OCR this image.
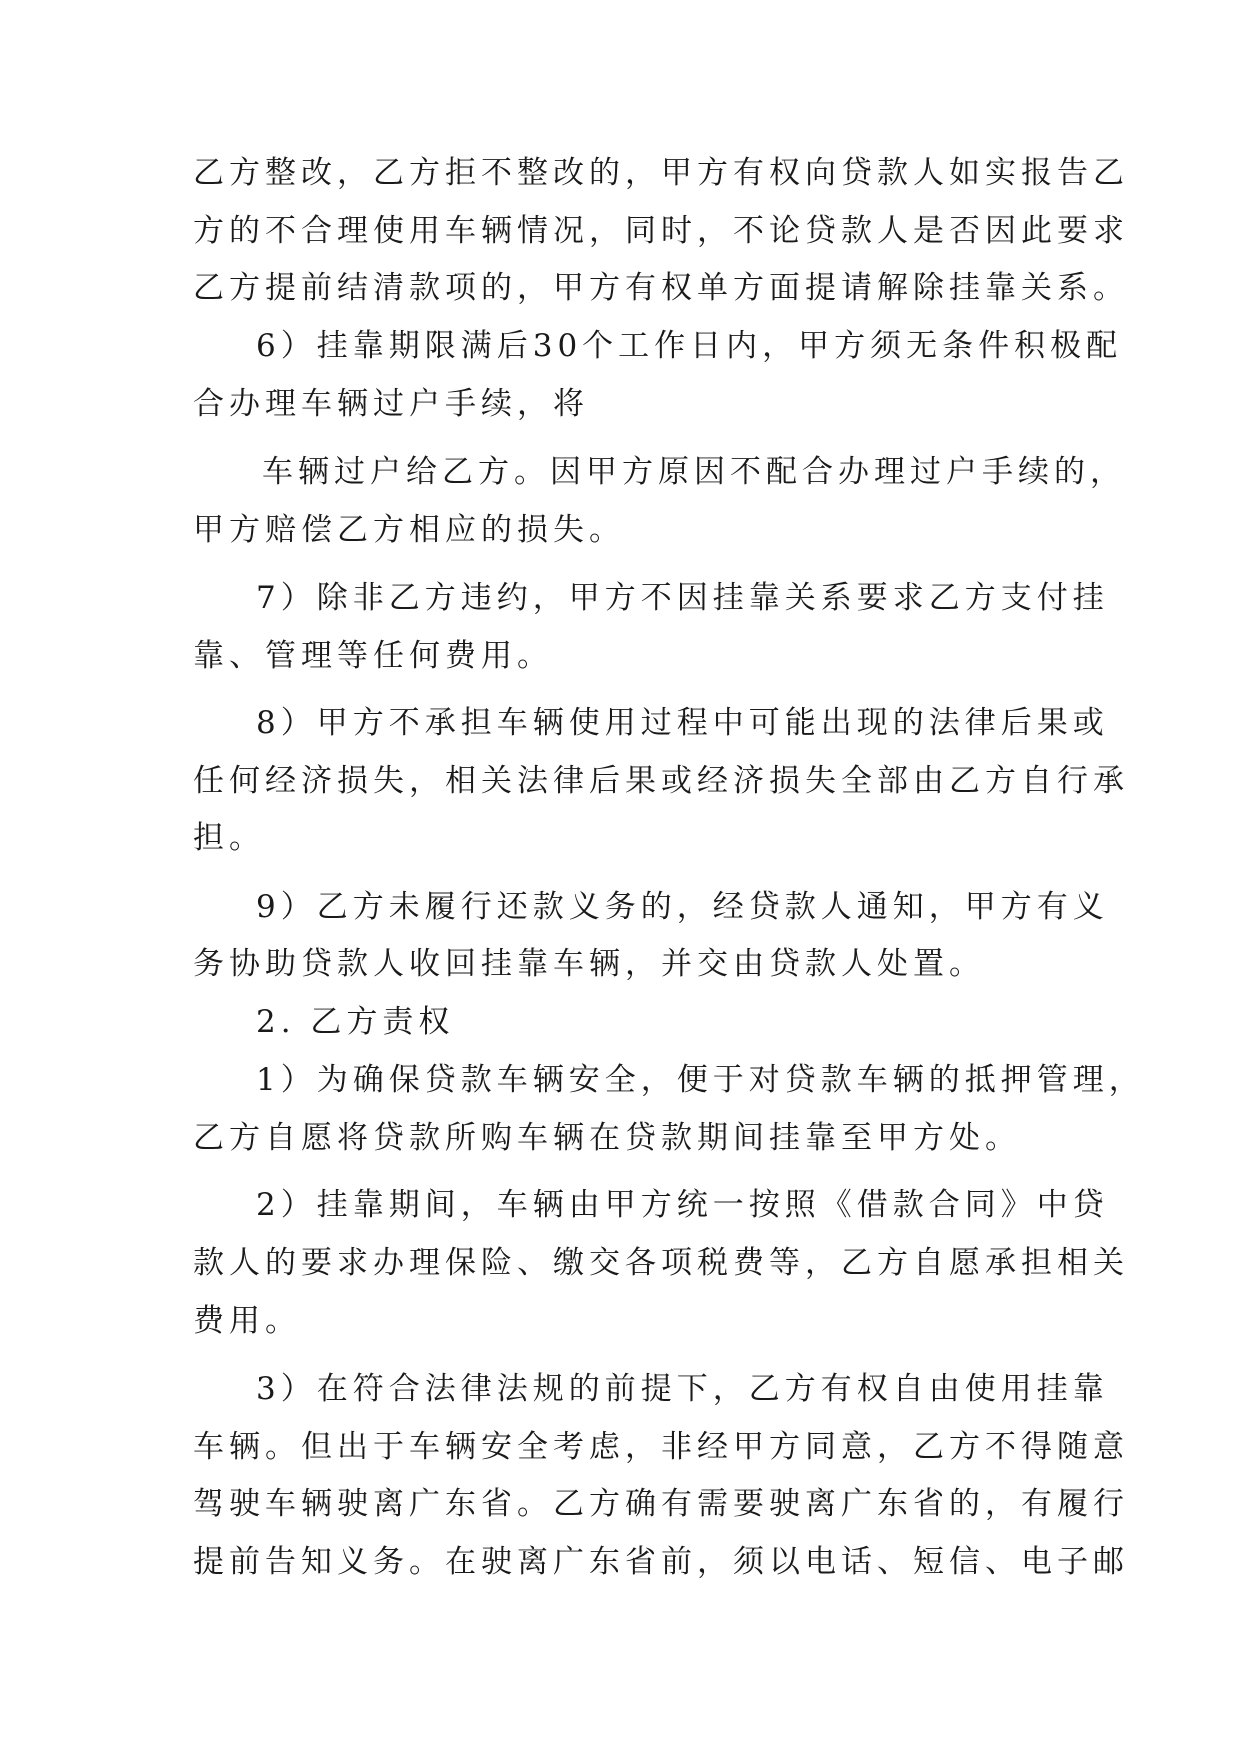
乙方整改，乙方拒不整改的，甲方有权向贷款人如实报告乙
方的不合理使用车辆情况，同时，不论贷款人是否因此要求
乙方提前结清款项的，甲方有权单方面提请解除挂靠关系。
6）挂靠期限满后30个工作日内，甲方须无条件积极配
合办理车辆过户手续，将
车辆过户给乙方。因甲方原因不配合办理过户手续的，
甲方赔偿乙方相应的损失。
7）除非乙方违约，甲方不因挂靠关系要求乙方支付挂
靠、管理等任何费用。
8）甲方不承担车辆使用过程中可能出现的法律后果或
任何经济损失，相关法律后果或经济损失全部由乙方自行承
担。
9）乙方未履行还款义务的，经贷款人通知，甲方有义
务协助贷款人收回挂靠车辆，并交由贷款人处置。
2. 乙方责权
1）为确保贷款车辆安全，便于对贷款车辆的抵押管理，
乙方自愿将贷款所购车辆在贷款期间挂靠至甲方处。
2）挂靠期间，车辆由甲方统一按照《借款合同》中贷
款人的要求办理保险、缴交各项税费等，乙方自愿承担相关
费用。
3）在符合法律法规的前提下，乙方有权自由使用挂靠
车辆。但出于车辆安全考虑，非经甲方同意，乙方不得随意
驾驶车辆驶离广东省。乙方确有需要驶离广东省的，有履行
提前告知义务。在驶离广东省前，须以电话、短信、电子邮
